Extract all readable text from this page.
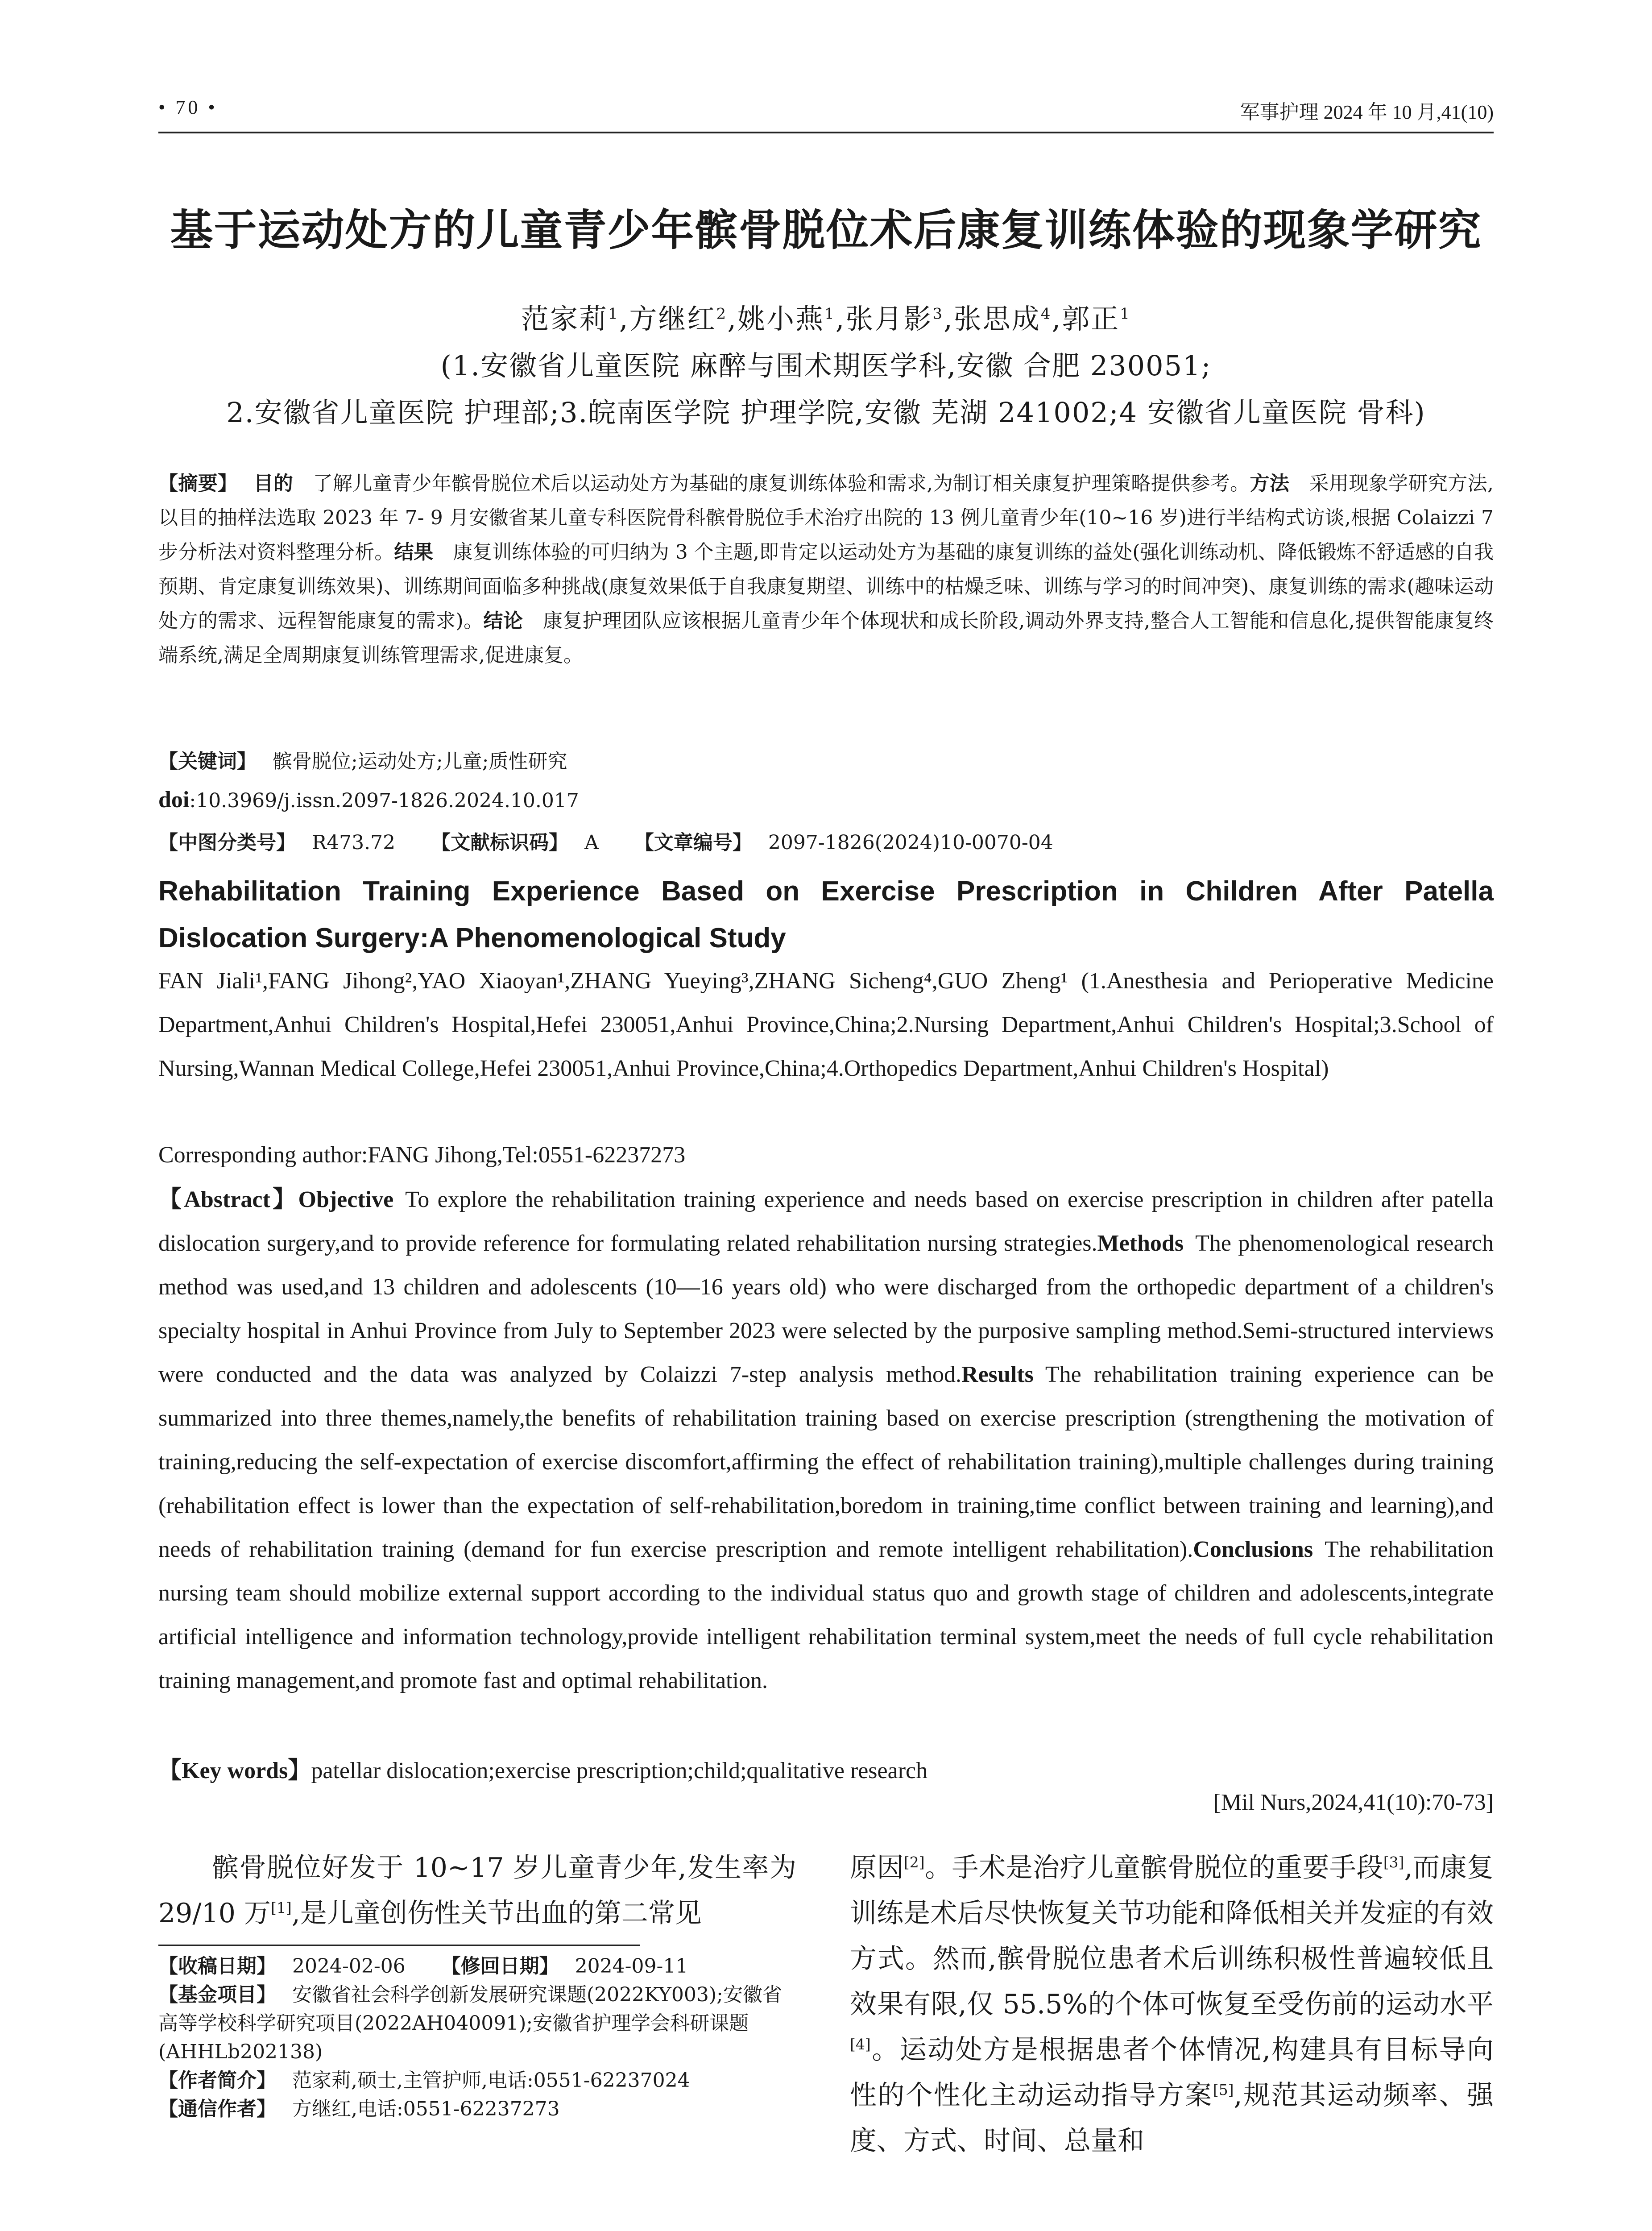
• 70 •	军事护理 2024 年 10 月,41(10)
基于运动处方的儿童青少年髌骨脱位术后康复训练体验的现象学研究
范家莉$^1$,方继红$^2$,姚小燕$^1$,张月影$^3$,张思成$^4$,郭正$^1$
(1.安徽省儿童医院 麻醉与围术期医学科,安徽 合肥 230051;
2.安徽省儿童医院 护理部;3.皖南医学院 护理学院,安徽 芜湖 241002;4 安徽省儿童医院 骨科)
【摘要】 目的  了解儿童青少年髌骨脱位术后以运动处方为基础的康复训练体验和需求,为制订相关康复护理策略提供参考。方法  采用现象学研究方法,以目的抽样法选取 2023 年 7- 9 月安徽省某儿童专科医院骨科髌骨脱位手术治疗出院的 13 例儿童青少年(10~16 岁)进行半结构式访谈,根据 Colaizzi 7 步分析法对资料整理分析。结果  康复训练体验的可归纳为 3 个主题,即肯定以运动处方为基础的康复训练的益处(强化训练动机、降低锻炼不舒适感的自我预期、肯定康复训练效果)、训练期间面临多种挑战(康复效果低于自我康复期望、训练中的枯燥乏味、训练与学习的时间冲突)、康复训练的需求(趣味运动处方的需求、远程智能康复的需求)。结论  康复护理团队应该根据儿童青少年个体现状和成长阶段,调动外界支持,整合人工智能和信息化,提供智能康复终端系统,满足全周期康复训练管理需求,促进康复。
【关键词】 髌骨脱位;运动处方;儿童;质性研究
doi:10.3969/j.issn.2097-1826.2024.10.017
【中图分类号】 R473.72 【文献标识码】 A 【文章编号】 2097-1826(2024)10-0070-04
Rehabilitation Training Experience Based on Exercise Prescription in Children After Patella Dislocation Surgery:A Phenomenological Study
FAN Jiali¹,FANG Jihong²,YAO Xiaoyan¹,ZHANG Yueying³,ZHANG Sicheng⁴,GUO Zheng¹ (1.Anesthesia and Perioperative Medicine Department,Anhui Children's Hospital,Hefei 230051,Anhui Province,China;2.Nursing Department,Anhui Children's Hospital;3.School of Nursing,Wannan Medical College,Hefei 230051,Anhui Province,China;4.Orthopedics Department,Anhui Children's Hospital)
Corresponding author:FANG Jihong,Tel:0551-62237273
【Abstract】Objective  To explore the rehabilitation training experience and needs based on exercise prescription in children after patella dislocation surgery,and to provide reference for formulating related rehabilitation nursing strategies.Methods  The phenomenological research method was used,and 13 children and adolescents (10—16 years old) who were discharged from the orthopedic department of a children's specialty hospital in Anhui Province from July to September 2023 were selected by the purposive sampling method.Semi-structured interviews were conducted and the data was analyzed by Colaizzi 7-step analysis method.Results  The rehabilitation training experience can be summarized into three themes,namely,the benefits of rehabilitation training based on exercise prescription (strengthening the motivation of training,reducing the self-expectation of exercise discomfort,affirming the effect of rehabilitation training),multiple challenges during training (rehabilitation effect is lower than the expectation of self-rehabilitation,boredom in training,time conflict between training and learning),and needs of rehabilitation training (demand for fun exercise prescription and remote intelligent rehabilitation).Conclusions  The rehabilitation nursing team should mobilize external support according to the individual status quo and growth stage of children and adolescents,integrate artificial intelligence and information technology,provide intelligent rehabilitation terminal system,meet the needs of full cycle rehabilitation training management,and promote fast and optimal rehabilitation.
【Key words】patellar dislocation;exercise prescription;child;qualitative research
[Mil Nurs,2024,41(10):70-73]
髌骨脱位好发于 10~17 岁儿童青少年,发生率为 29/10 万[1],是儿童创伤性关节出血的第二常见
【收稿日期】 2024-02-06 【修回日期】 2024-09-11
【基金项目】 安徽省社会科学创新发展研究课题(2022KY003);安徽省高等学校科学研究项目(2022AH040091);安徽省护理学会科研课题(AHHLb202138)
【作者简介】 范家莉,硕士,主管护师,电话:0551-62237024
【通信作者】 方继红,电话:0551-62237273
原因[2]。手术是治疗儿童髌骨脱位的重要手段[3],而康复训练是术后尽快恢复关节功能和降低相关并发症的有效方式。然而,髌骨脱位患者术后训练积极性普遍较低且效果有限,仅 55.5%的个体可恢复至受伤前的运动水平[4]。运动处方是根据患者个体情况,构建具有目标导向性的个性化主动运动指导方案[5],规范其运动频率、强度、方式、时间、总量和
